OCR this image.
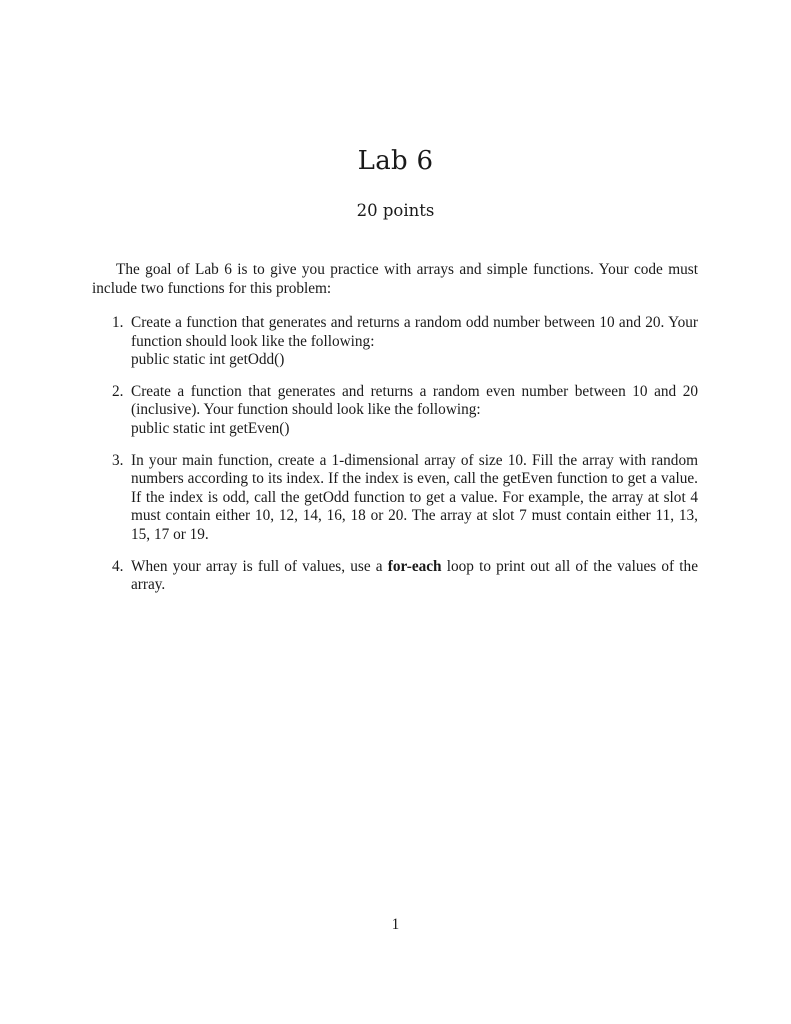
Lab 6
20 points

The goal of Lab 6 is to give you practice with arrays and simple functions. Your code must include two functions for this problem:

1. Create a function that generates and returns a random odd number between 10 and 20. Your function should look like the following:
public static int getOdd()
2. Create a function that generates and returns a random even number between 10 and 20 (inclusive). Your function should look like the following:
public static int getEven()
3. In your main function, create a 1-dimensional array of size 10. Fill the array with random numbers according to its index. If the index is even, call the getEven function to get a value. If the index is odd, call the getOdd function to get a value. For example, the array at slot 4 must contain either 10, 12, 14, 16, 18 or 20. The array at slot 7 must contain either 11, 13, 15, 17 or 19.
4. When your array is full of values, use a for-each loop to print out all of the values of the array.
1
